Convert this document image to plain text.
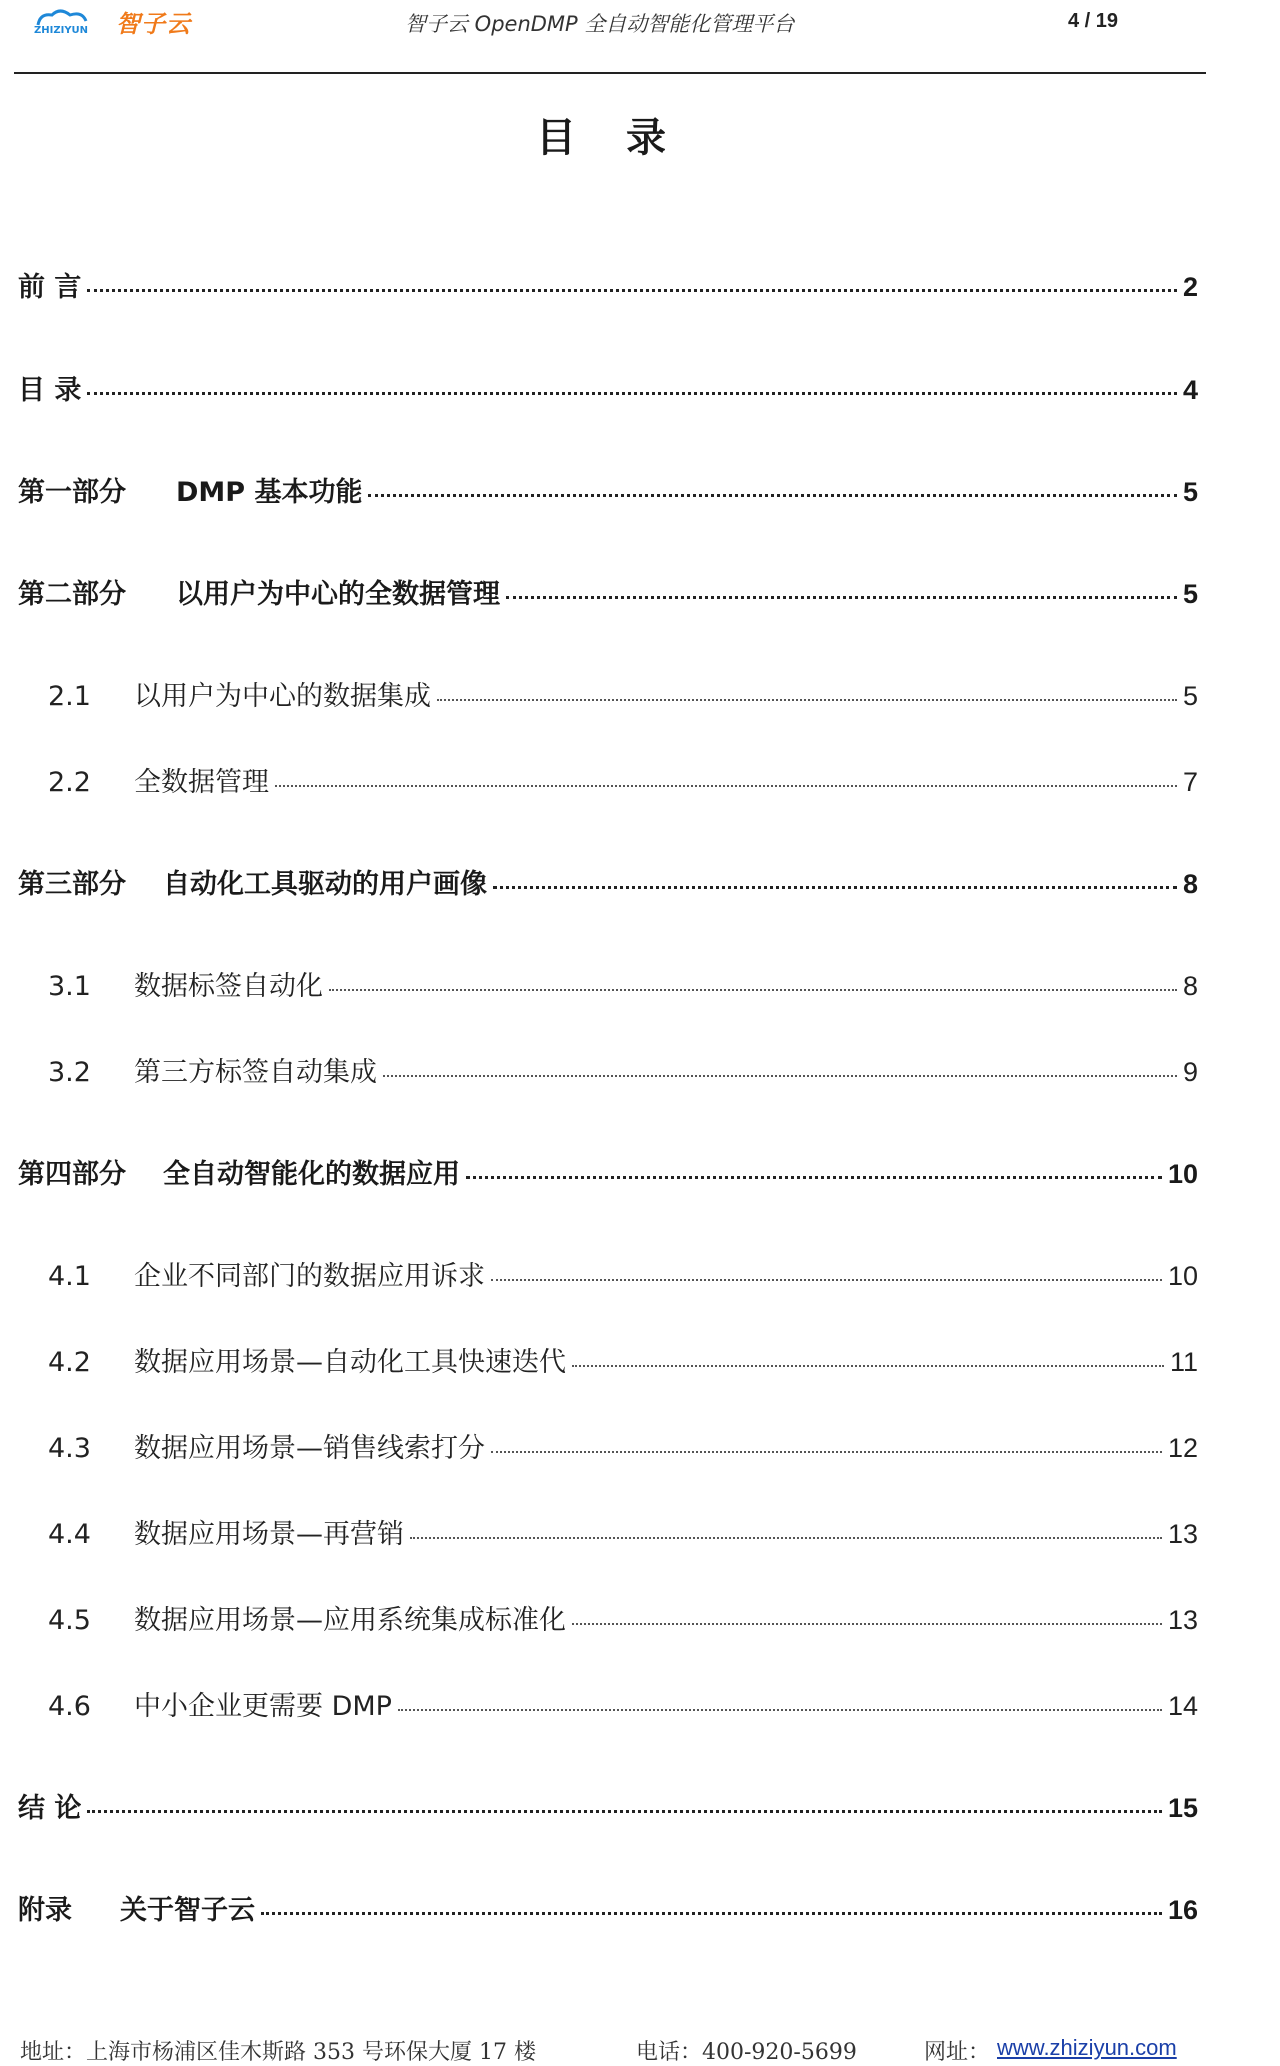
ZHIZIYUN 智子云	智子云 OpenDMP 全自动智能化管理平台	4 / 19
目 录
前 言	2
目 录	4
第一部分	DMP 基本功能	5
第二部分	以用户为中心的全数据管理	5
2.1	以用户为中心的数据集成	5
2.2	全数据管理	7
第三部分	自动化工具驱动的用户画像	8
3.1	数据标签自动化	8
3.2	第三方标签自动集成	9
第四部分	全自动智能化的数据应用	10
4.1	企业不同部门的数据应用诉求	10
4.2	数据应用场景—自动化工具快速迭代	11
4.3	数据应用场景—销售线索打分	12
4.4	数据应用场景—再营销	13
4.5	数据应用场景—应用系统集成标准化	13
4.6	中小企业更需要 DMP	14
结 论	15
附录	关于智子云	16
地址：上海市杨浦区佳木斯路 353 号环保大厦 17 楼	电话：400-920-5699	网址： www.zhiziyun.com
